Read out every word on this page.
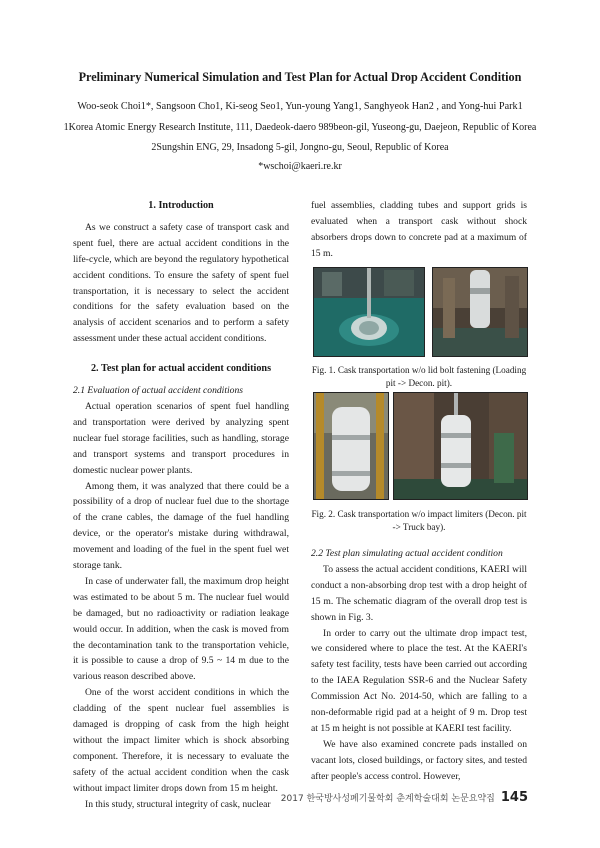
Preliminary Numerical Simulation and Test Plan for Actual Drop Accident Condition
Woo-seok Choi1*, Sangsoon Cho1, Ki-seog Seo1, Yun-young Yang1, Sanghyeok Han2 , and Yong-hui Park1
1Korea Atomic Energy Research Institute, 111, Daedeok-daero 989beon-gil, Yuseong-gu, Daejeon, Republic of Korea
2Sungshin ENG, 29, Insadong 5-gil, Jongno-gu, Seoul, Republic of Korea
*wschoi@kaeri.re.kr

1. Introduction

As we construct a safety case of transport cask and spent fuel, there are actual accident conditions in the life-cycle, which are beyond the regulatory hypothetical accident conditions. To ensure the safety of spent fuel transportation, it is necessary to select the accident conditions for the safety evaluation based on the analysis of accident scenarios and to perform a safety assessment under these actual accident conditions.

2. Test plan for actual accident conditions

2.1 Evaluation of actual accident conditions

Actual operation scenarios of spent fuel handling and transportation were derived by analyzing spent nuclear fuel storage facilities, such as handling, storage and transport systems and transport procedures in domestic nuclear power plants.

Among them, it was analyzed that there could be a possibility of a drop of nuclear fuel due to the shortage of the crane cables, the damage of the fuel handling device, or the operator's mistake during withdrawal, movement and loading of the fuel in the spent fuel wet storage tank.

In case of underwater fall, the maximum drop height was estimated to be about 5 m. The nuclear fuel would be damaged, but no radioactivity or radiation leakage would occur. In addition, when the cask is moved from the decontamination tank to the transportation vehicle, it is possible to cause a drop of 9.5 ~ 14 m due to the various reason described above.

One of the worst accident conditions in which the cladding of the spent nuclear fuel assemblies is damaged is dropping of cask from the high height without the impact limiter which is shock absorbing component. Therefore, it is necessary to evaluate the safety of the actual accident condition when the cask without impact limiter drops down from 15 m height.

In this study, structural integrity of cask, nuclear

fuel assemblies, cladding tubes and support grids is evaluated when a transport cask without shock absorbers drops down to concrete pad at a maximum of 15 m.

Fig. 1. Cask transportation w/o lid bolt fastening (Loading pit -> Decon. pit).
Fig. 2. Cask transportation w/o impact limiters (Decon. pit -> Truck bay).

2.2 Test plan simulating actual accident condition

To assess the actual accident conditions, KAERI will conduct a non-absorbing drop test with a drop height of 15 m. The schematic diagram of the overall drop test is shown in Fig. 3.

In order to carry out the ultimate drop impact test, we considered where to place the test. At the KAERI's safety test facility, tests have been carried out according to the IAEA Regulation SSR-6 and the Nuclear Safety Commission Act No. 2014-50, which are falling to a non-deformable rigid pad at a height of 9 m. Drop test at 15 m height is not possible at KAERI test facility.

We have also examined concrete pads installed on vacant lots, closed buildings, or factory sites, and tested after people's access control. However,

2017 한국방사성폐기물학회 춘계학술대회 논문요약집 145
